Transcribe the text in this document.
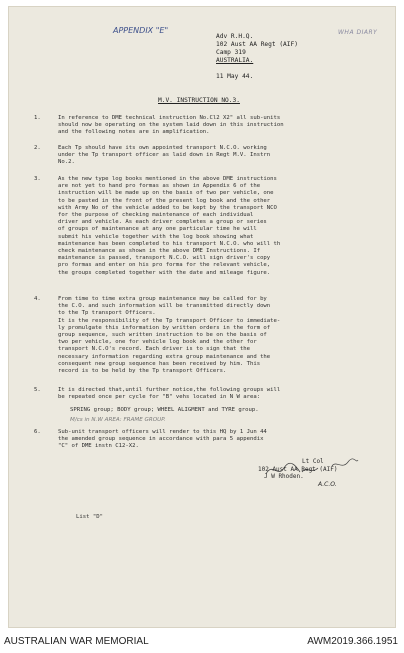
APPENDIX "E"	WHA DIARY
Adv R.H.Q.
102 Aust AA Regt (AIF)
Camp 319
AUSTRALIA.
11 May 44.
M.V. INSTRUCTION NO.3.
1.	In reference to DME technical instruction No.Cl2 X2" all sub-units
should now be operating on the system laid down in this instruction
and the following notes are in amplification.
2.	Each Tp should have its own appointed transport N.C.O. working
under the Tp transport officer as laid down in Regt M.V. Instrn
No.2.
3.	As the new type log books mentioned in the above DME instructions
are not yet to hand pro formas as shown in Appendix 6 of the
instruction will be made up on the basis of two per vehicle, one
to be pasted in the front of the present log book and the other
with Army No of the vehicle added to be kept by the transport NCO
for the purpose of checking maintenance of each individual
driver and vehicle. As each driver completes a group or series
of groups of maintenance at any one particular time he will
submit his vehicle together with the log book showing what
maintenance has been completed to his transport N.C.O. who will th
check maintenance as shown in the above DME Instructions. If
maintenance is passed, transport N.C.O. will sign driver's copy
pro formas and enter on his pro forma for the relevant vehicle,
the groups completed together with the date and mileage figure.
4.	From time to time extra group maintenance may be called for by
the C.O. and such information will be transmitted directly down
to the Tp transport Officers.
It is the responsibility of the Tp transport Officer to immediate-
ly promulgate this information by written orders in the form of
group sequence, such written instruction to be on the basis of
two per vehicle, one for vehicle log book and the other for
transport N.C.O's record. Each driver is to sign that the
necessary information regarding extra group maintenance and the
consequent new group sequence has been received by him. This
record is to be held by the Tp transport Officers.
5.	It is directed that,until further notice,the following groups will
be repeated once per cycle for "B" vehs located in N W area:
SPRING group; BODY group; WHEEL ALIGMENT and TYRE group.
M/cs in N.W AREA: FRAME GROUP.
6.	Sub-unit transport officers will render to this HQ by 1 Jun 44
the amended group sequence in accordance with para 5 appendix
"C" of DME instn C12-X2.
Lt Col
102 Aust AA Regt (AIF)
J W Rhoden.
A.C.O.
List "D"
AUSTRALIAN WAR MEMORIAL	AWM2019.366.1951
